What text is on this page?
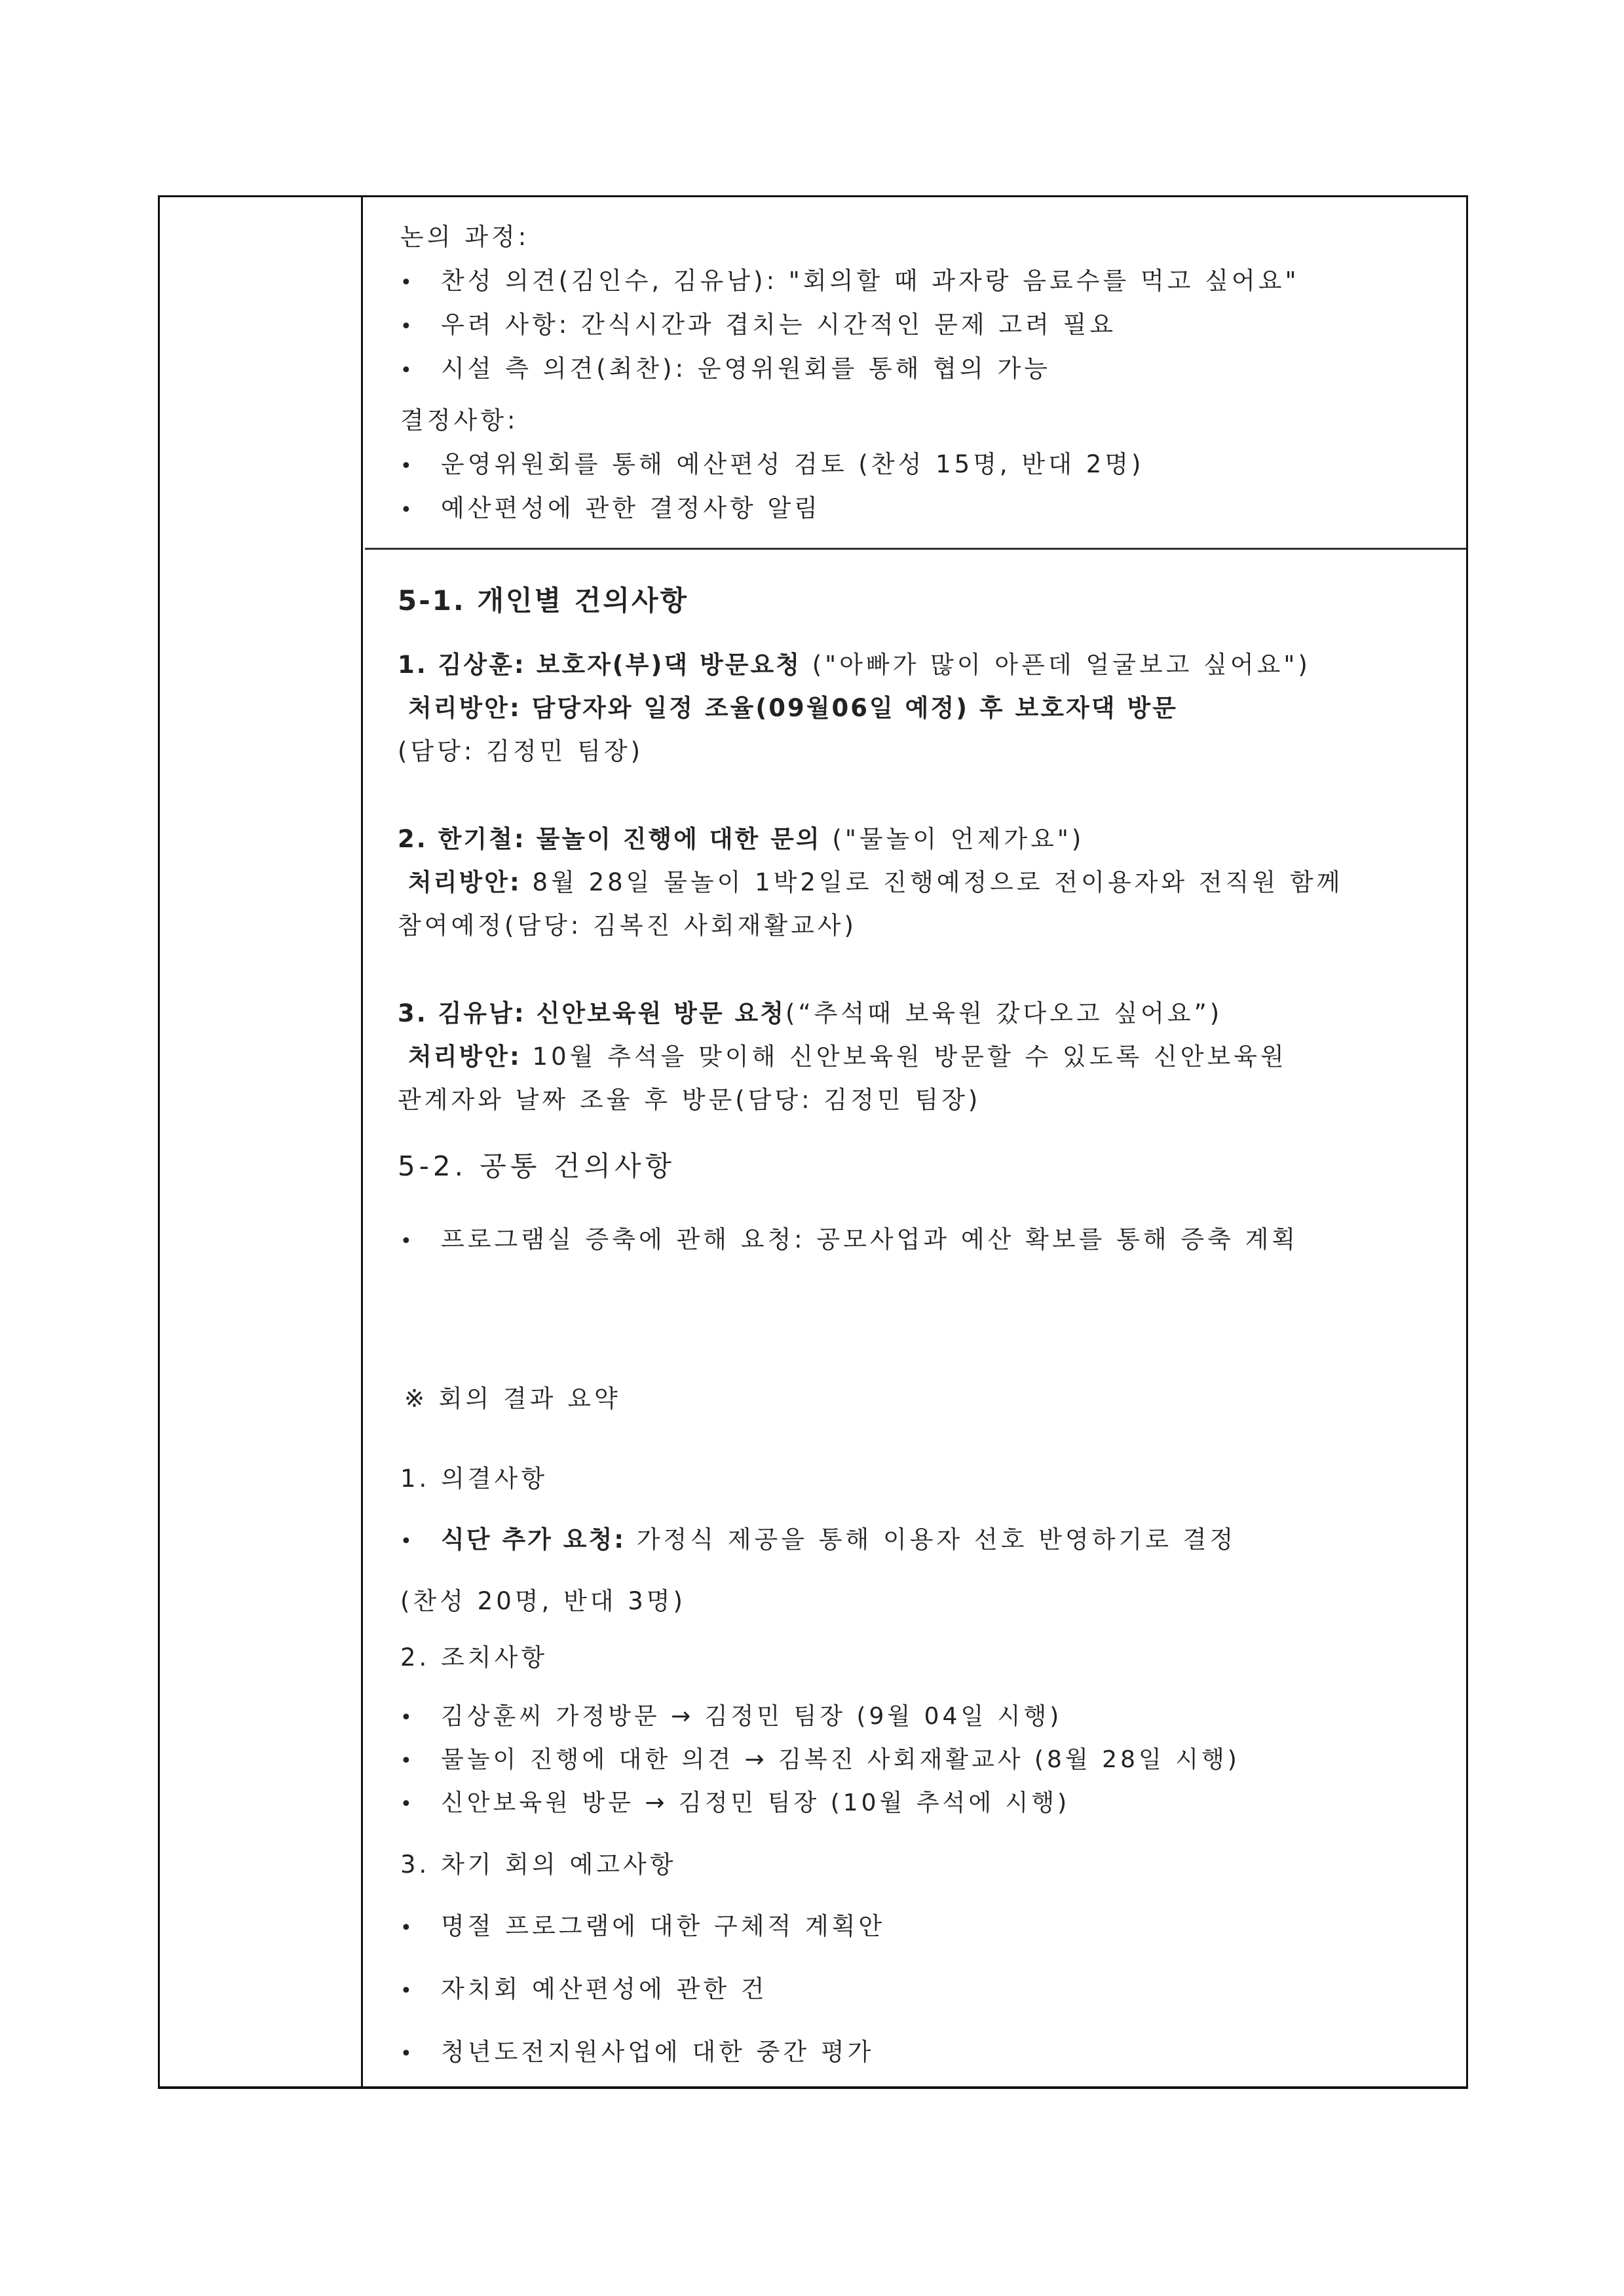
논의 과정:
• 찬성 의견(김인수, 김유남): "회의할 때 과자랑 음료수를 먹고 싶어요"
• 우려 사항: 간식시간과 겹치는 시간적인 문제 고려 필요
• 시설 측 의견(최찬): 운영위원회를 통해 협의 가능
결정사항:
• 운영위원회를 통해 예산편성 검토 (찬성 15명, 반대 2명)
• 예산편성에 관한 결정사항 알림
5-1. 개인별 건의사항
1. 김상훈: 보호자(부)댁 방문요청 ("아빠가 많이 아픈데 얼굴보고 싶어요")
처리방안: 담당자와 일정 조율(09월06일 예정) 후 보호자댁 방문
(담당: 김정민 팀장)
2. 한기철: 물놀이 진행에 대한 문의 ("물놀이 언제가요")
처리방안: 8월 28일 물놀이 1박2일로 진행예정으로 전이용자와 전직원 함께
참여예정(담당: 김복진 사회재활교사)
3. 김유남: 신안보육원 방문 요청(“추석때 보육원 갔다오고 싶어요”)
처리방안: 10월 추석을 맞이해 신안보육원 방문할 수 있도록 신안보육원
관계자와 날짜 조율 후 방문(담당: 김정민 팀장)
5-2. 공통 건의사항
• 프로그램실 증축에 관해 요청: 공모사업과 예산 확보를 통해 증축 계획
※ 회의 결과 요약
1. 의결사항
• 식단 추가 요청: 가정식 제공을 통해 이용자 선호 반영하기로 결정
(찬성 20명, 반대 3명)
2. 조치사항
• 김상훈씨 가정방문 → 김정민 팀장 (9월 04일 시행)
• 물놀이 진행에 대한 의견 → 김복진 사회재활교사 (8월 28일 시행)
• 신안보육원 방문 → 김정민 팀장 (10월 추석에 시행)
3. 차기 회의 예고사항
• 명절 프로그램에 대한 구체적 계획안
• 자치회 예산편성에 관한 건
• 청년도전지원사업에 대한 중간 평가
